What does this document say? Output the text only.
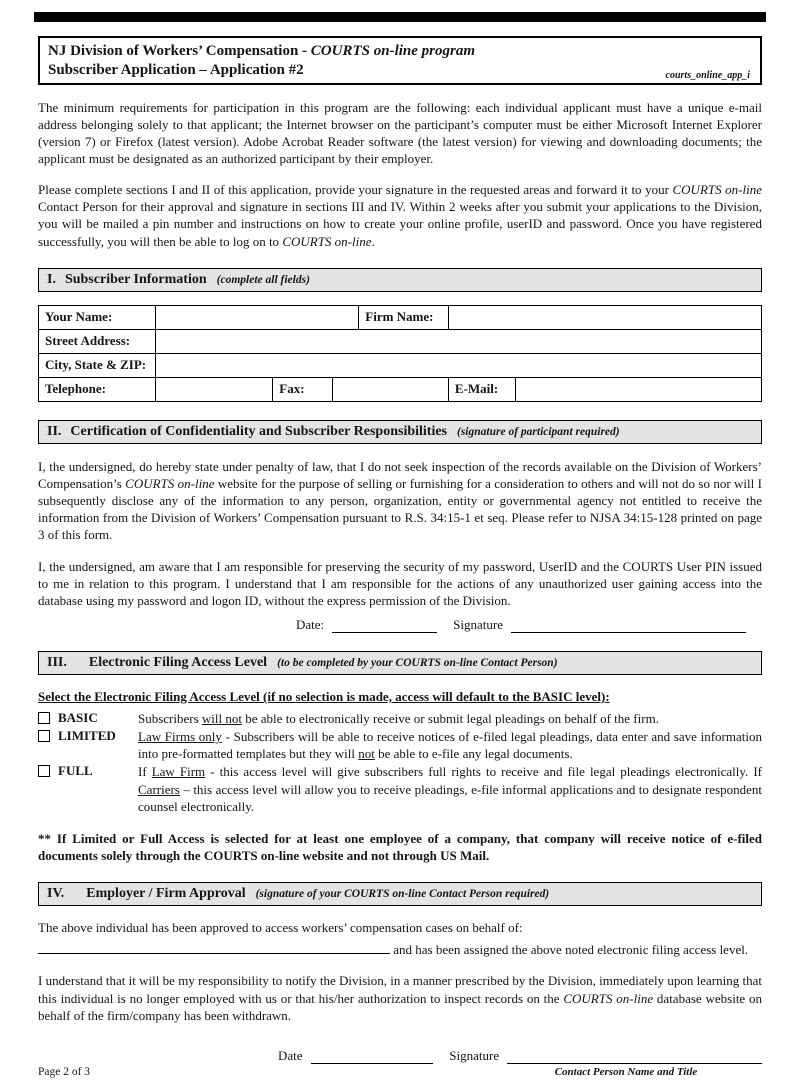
NJ Division of Workers’ Compensation - COURTS on-line program
Subscriber Application – Application #2	courts_online_app_i

The minimum requirements for participation in this program are the following: each individual applicant must have a unique e-mail address belonging solely to that applicant; the Internet browser on the participant’s computer must be either Microsoft Internet Explorer (version 7) or Firefox (latest version). Adobe Acrobat Reader software (the latest version) for viewing and downloading documents; the applicant must be designated as an authorized participant by their employer.

Please complete sections I and II of this application, provide your signature in the requested areas and forward it to your COURTS on-line Contact Person for their approval and signature in sections III and IV. Within 2 weeks after you submit your applications to the Division, you will be mailed a pin number and instructions on how to create your online profile, userID and password. Once you have registered successfully, you will then be able to log on to COURTS on-line.

I. Subscriber Information (complete all fields)
Your Name:				Firm Name:		
Street Address:						
City, State & ZIP:						
Telephone:		Fax:			E-Mail:	
II. Certification of Confidentiality and Subscriber Responsibilities (signature of participant required)

I, the undersigned, do hereby state under penalty of law, that I do not seek inspection of the records available on the Division of Workers’ Compensation’s COURTS on-line website for the purpose of selling or furnishing for a consideration to others and will not do so nor will I subsequently disclose any of the information to any person, organization, entity or governmental agency not entitled to receive the information from the Division of Workers’ Compensation pursuant to R.S. 34:15-1 et seq. Please refer to NJSA 34:15-128 printed on page 3 of this form.

I, the undersigned, am aware that I am responsible for preserving the security of my password, UserID and the COURTS User PIN issued to me in relation to this program. I understand that I am responsible for the actions of any unauthorized user gaining access into the database using my password and logon ID, without the express permission of the Division.

Date:	Signature
III. Electronic Filing Access Level (to be completed by your COURTS on-line Contact Person)
Select the Electronic Filing Access Level (if no selection is made, access will default to the BASIC level):
BASIC	Subscribers will not be able to electronically receive or submit legal pleadings on behalf of the firm.
LIMITED Law Firms only - Subscribers will be able to receive notices of e-filed legal pleadings, data enter and save information into pre-formatted templates but they will not be able to e-file any legal documents.
FULL	If Law Firm - this access level will give subscribers full rights to receive and file legal pleadings electronically. If Carriers – this access level will allow you to receive pleadings, e-file informal applications and to designate respondent counsel electronically.

** If Limited or Full Access is selected for at least one employee of a company, that company will receive notice of e-filed documents solely through the COURTS on-line website and not through US Mail.

IV. Employer / Firm Approval (signature of your COURTS on-line Contact Person required)

The above individual has been approved to access workers’ compensation cases on behalf of:

and has been assigned the above noted electronic filing access level.

I understand that it will be my responsibility to notify the Division, in a manner prescribed by the Division, immediately upon learning that this individual is no longer employed with us or that his/her authorization to inspect records on the COURTS on-line database website on behalf of the firm/company has been withdrawn.

Date	Signature
Contact Person Name and Title
Page 2 of 3
